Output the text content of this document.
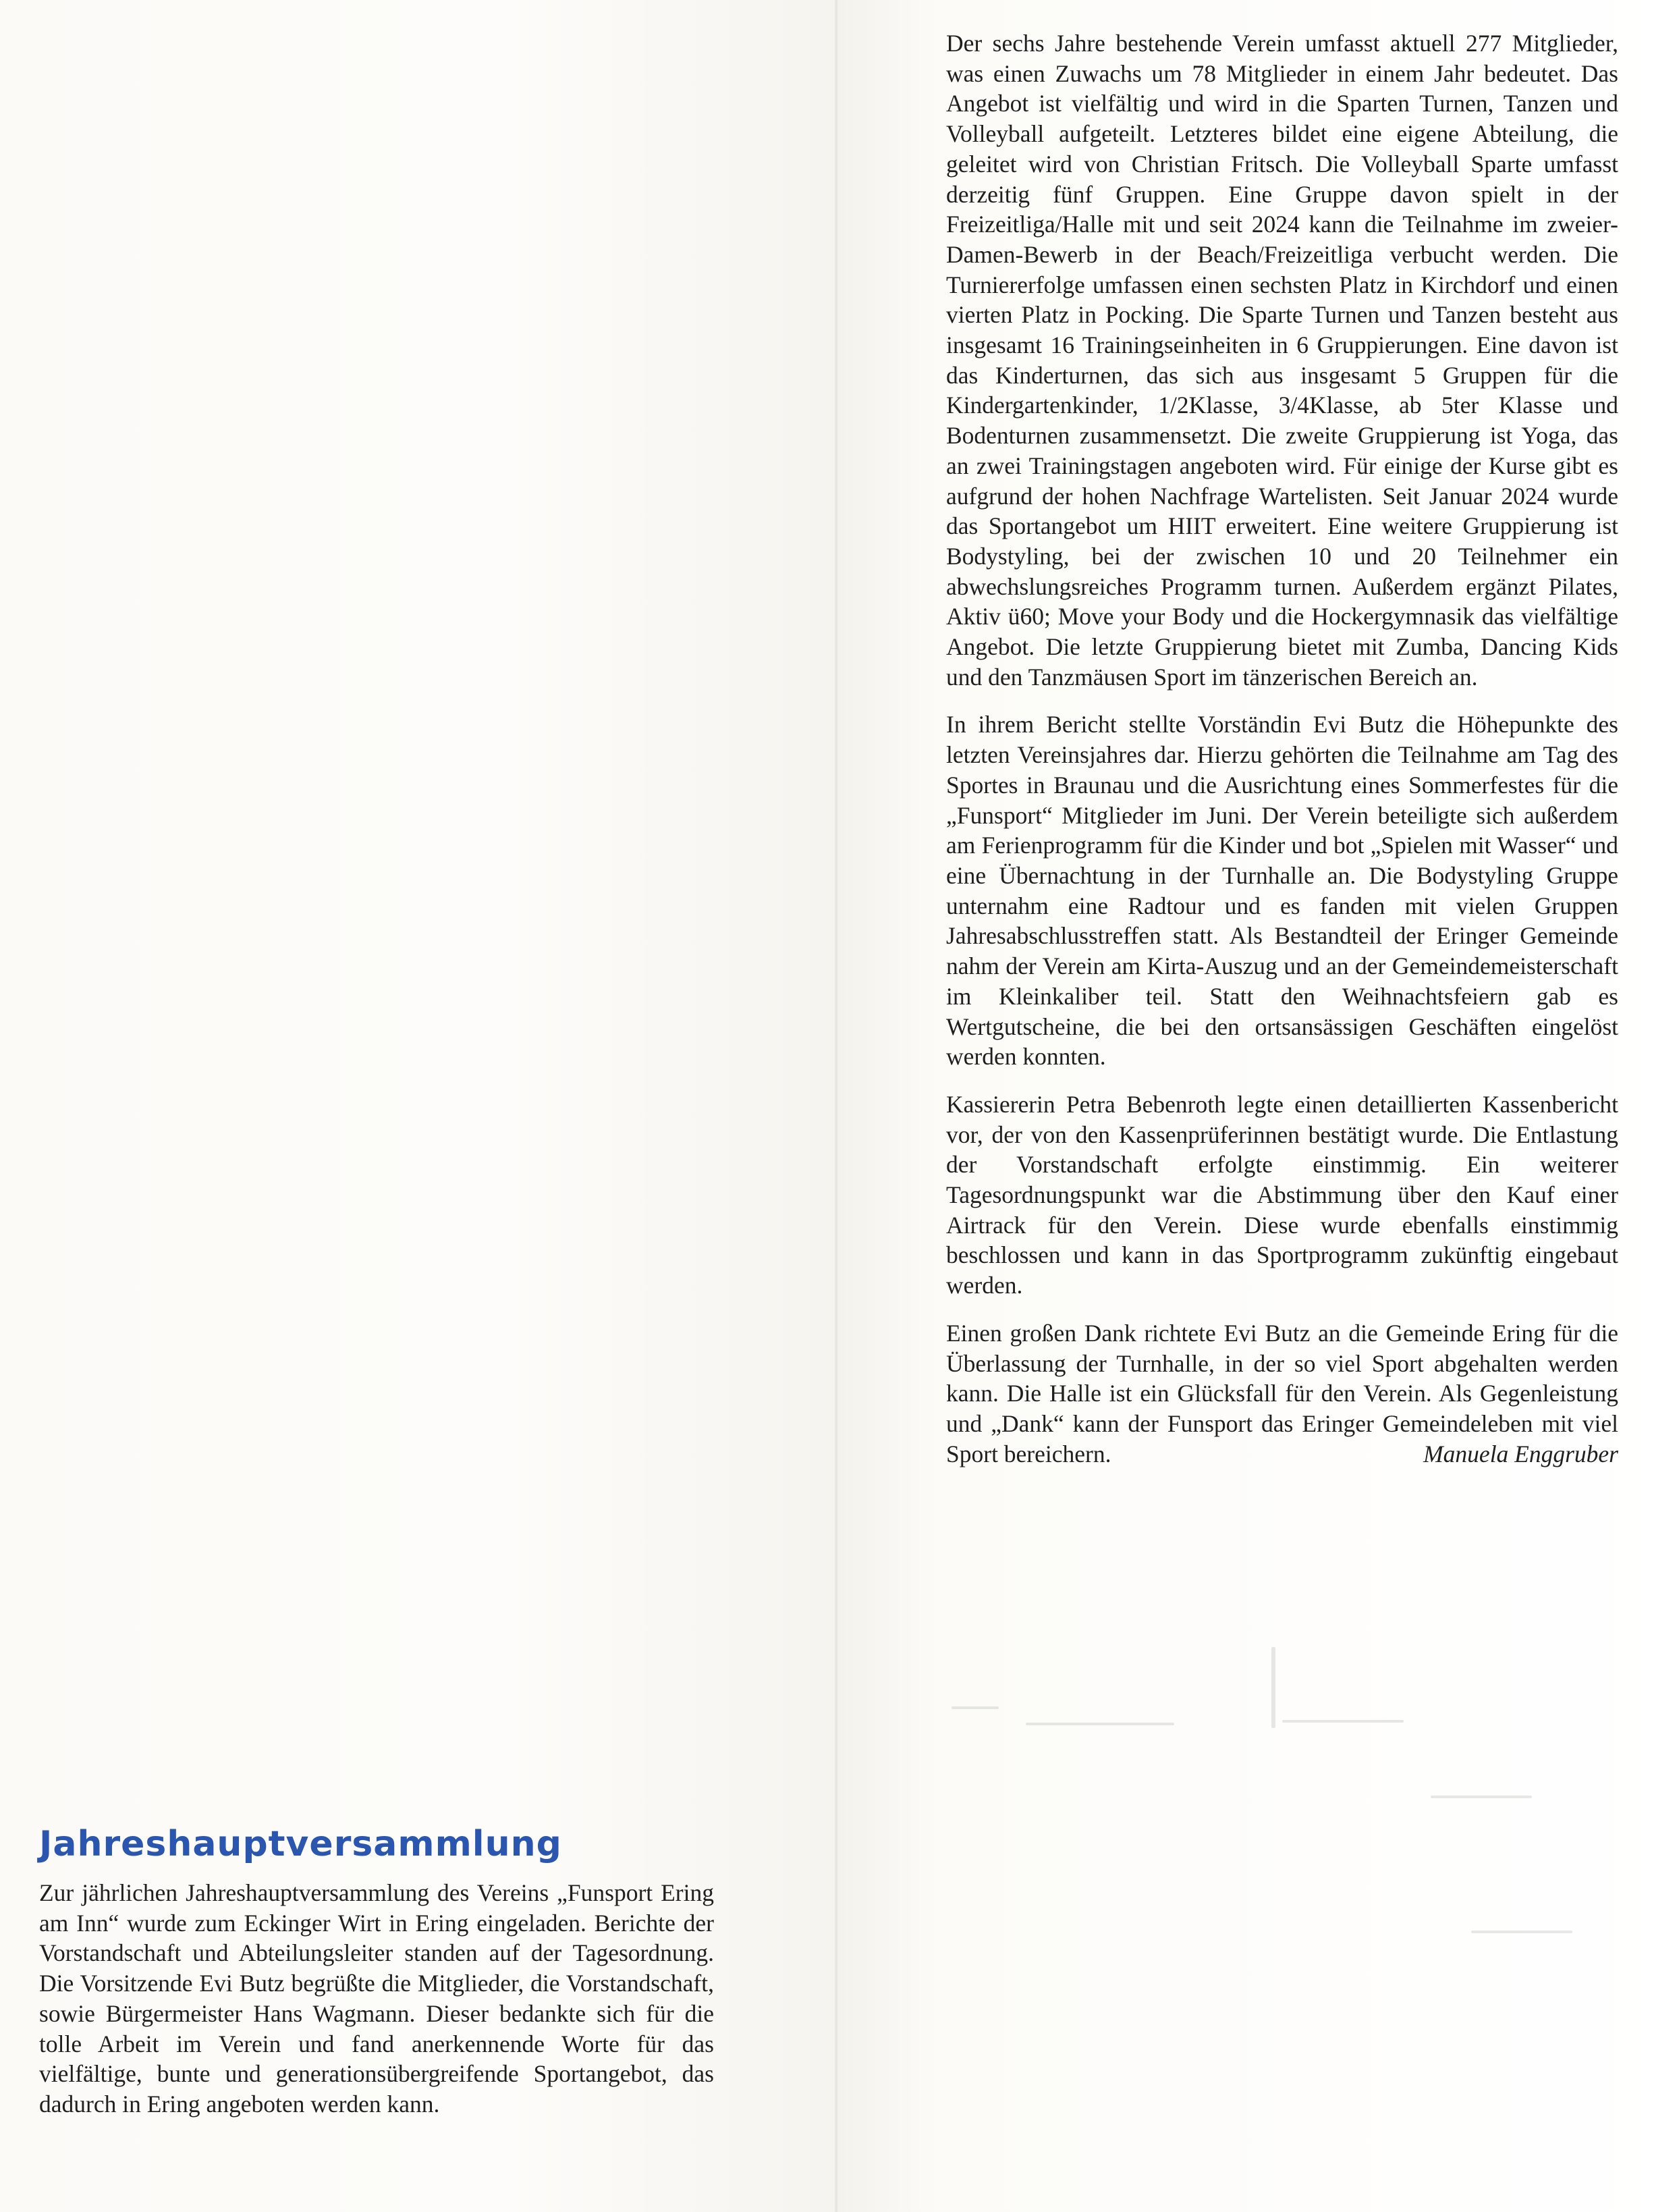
Der sechs Jahre bestehende Verein umfasst aktuell 277 Mitglieder, was einen Zuwachs um 78 Mitglieder in einem Jahr bedeutet. Das Angebot ist vielfältig und wird in die Sparten Turnen, Tanzen und Volleyball aufgeteilt. Letzteres bildet eine eigene Abteilung, die geleitet wird von Christian Fritsch. Die Volleyball Sparte umfasst derzeitig fünf Gruppen. Eine Gruppe davon spielt in der Freizeitliga/Halle mit und seit 2024 kann die Teilnahme im zweier-Damen-Bewerb in der Beach/Freizeitliga verbucht werden. Die Turniererfolge umfassen einen sechsten Platz in Kirchdorf und einen vierten Platz in Pocking. Die Sparte Turnen und Tanzen besteht aus insgesamt 16 Trainingseinheiten in 6 Gruppierungen. Eine davon ist das Kinderturnen, das sich aus insgesamt 5 Gruppen für die Kindergartenkinder, 1/2Klasse, 3/4Klasse, ab 5ter Klasse und Bodenturnen zusammensetzt. Die zweite Gruppierung ist Yoga, das an zwei Trainingstagen angeboten wird. Für einige der Kurse gibt es aufgrund der hohen Nachfrage Wartelisten. Seit Januar 2024 wurde das Sportangebot um HIIT erweitert. Eine weitere Gruppierung ist Bodystyling, bei der zwischen 10 und 20 Teilnehmer ein abwechslungsreiches Programm turnen. Außerdem ergänzt Pilates, Aktiv ü60; Move your Body und die Hockergymnasik das vielfältige Angebot. Die letzte Gruppierung bietet mit Zumba, Dancing Kids und den Tanzmäusen Sport im tänzerischen Bereich an.

In ihrem Bericht stellte Vorständin Evi Butz die Höhepunkte des letzten Vereinsjahres dar. Hierzu gehörten die Teilnahme am Tag des Sportes in Braunau und die Ausrichtung eines Sommerfestes für die „Funsport“ Mitglieder im Juni. Der Verein beteiligte sich außerdem am Ferienprogramm für die Kinder und bot „Spielen mit Wasser“ und eine Übernachtung in der Turnhalle an. Die Bodystyling Gruppe unternahm eine Radtour und es fanden mit vielen Gruppen Jahresabschlusstreffen statt. Als Bestandteil der Eringer Gemeinde nahm der Verein am Kirta-Auszug und an der Gemeindemeisterschaft im Kleinkaliber teil. Statt den Weihnachtsfeiern gab es Wertgutscheine, die bei den ortsansässigen Geschäften eingelöst werden konnten.

Kassiererin Petra Bebenroth legte einen detaillierten Kassenbericht vor, der von den Kassenprüferinnen bestätigt wurde. Die Entlastung der Vorstandschaft erfolgte einstimmig. Ein weiterer Tagesordnungspunkt war die Abstimmung über den Kauf einer Airtrack für den Verein. Diese wurde ebenfalls einstimmig beschlossen und kann in das Sportprogramm zukünftig eingebaut werden.

Einen großen Dank richtete Evi Butz an die Gemeinde Ering für die Überlassung der Turnhalle, in der so viel Sport abgehalten werden kann. Die Halle ist ein Glücksfall für den Verein. Als Gegenleistung und „Dank“ kann der Funsport das Eringer Gemeindeleben mit viel Sport bereichern.	Manuela Enggruber

Jahreshauptversammlung

Zur jährlichen Jahreshauptversammlung des Vereins „Funsport Ering am Inn“ wurde zum Eckinger Wirt in Ering eingeladen. Berichte der Vorstandschaft und Abteilungsleiter standen auf der Tagesordnung. Die Vorsitzende Evi Butz begrüßte die Mitglieder, die Vorstandschaft, sowie Bürgermeister Hans Wagmann. Dieser bedankte sich für die tolle Arbeit im Verein und fand anerkennende Worte für das vielfältige, bunte und generationsübergreifende Sportangebot, das dadurch in Ering angeboten werden kann.
